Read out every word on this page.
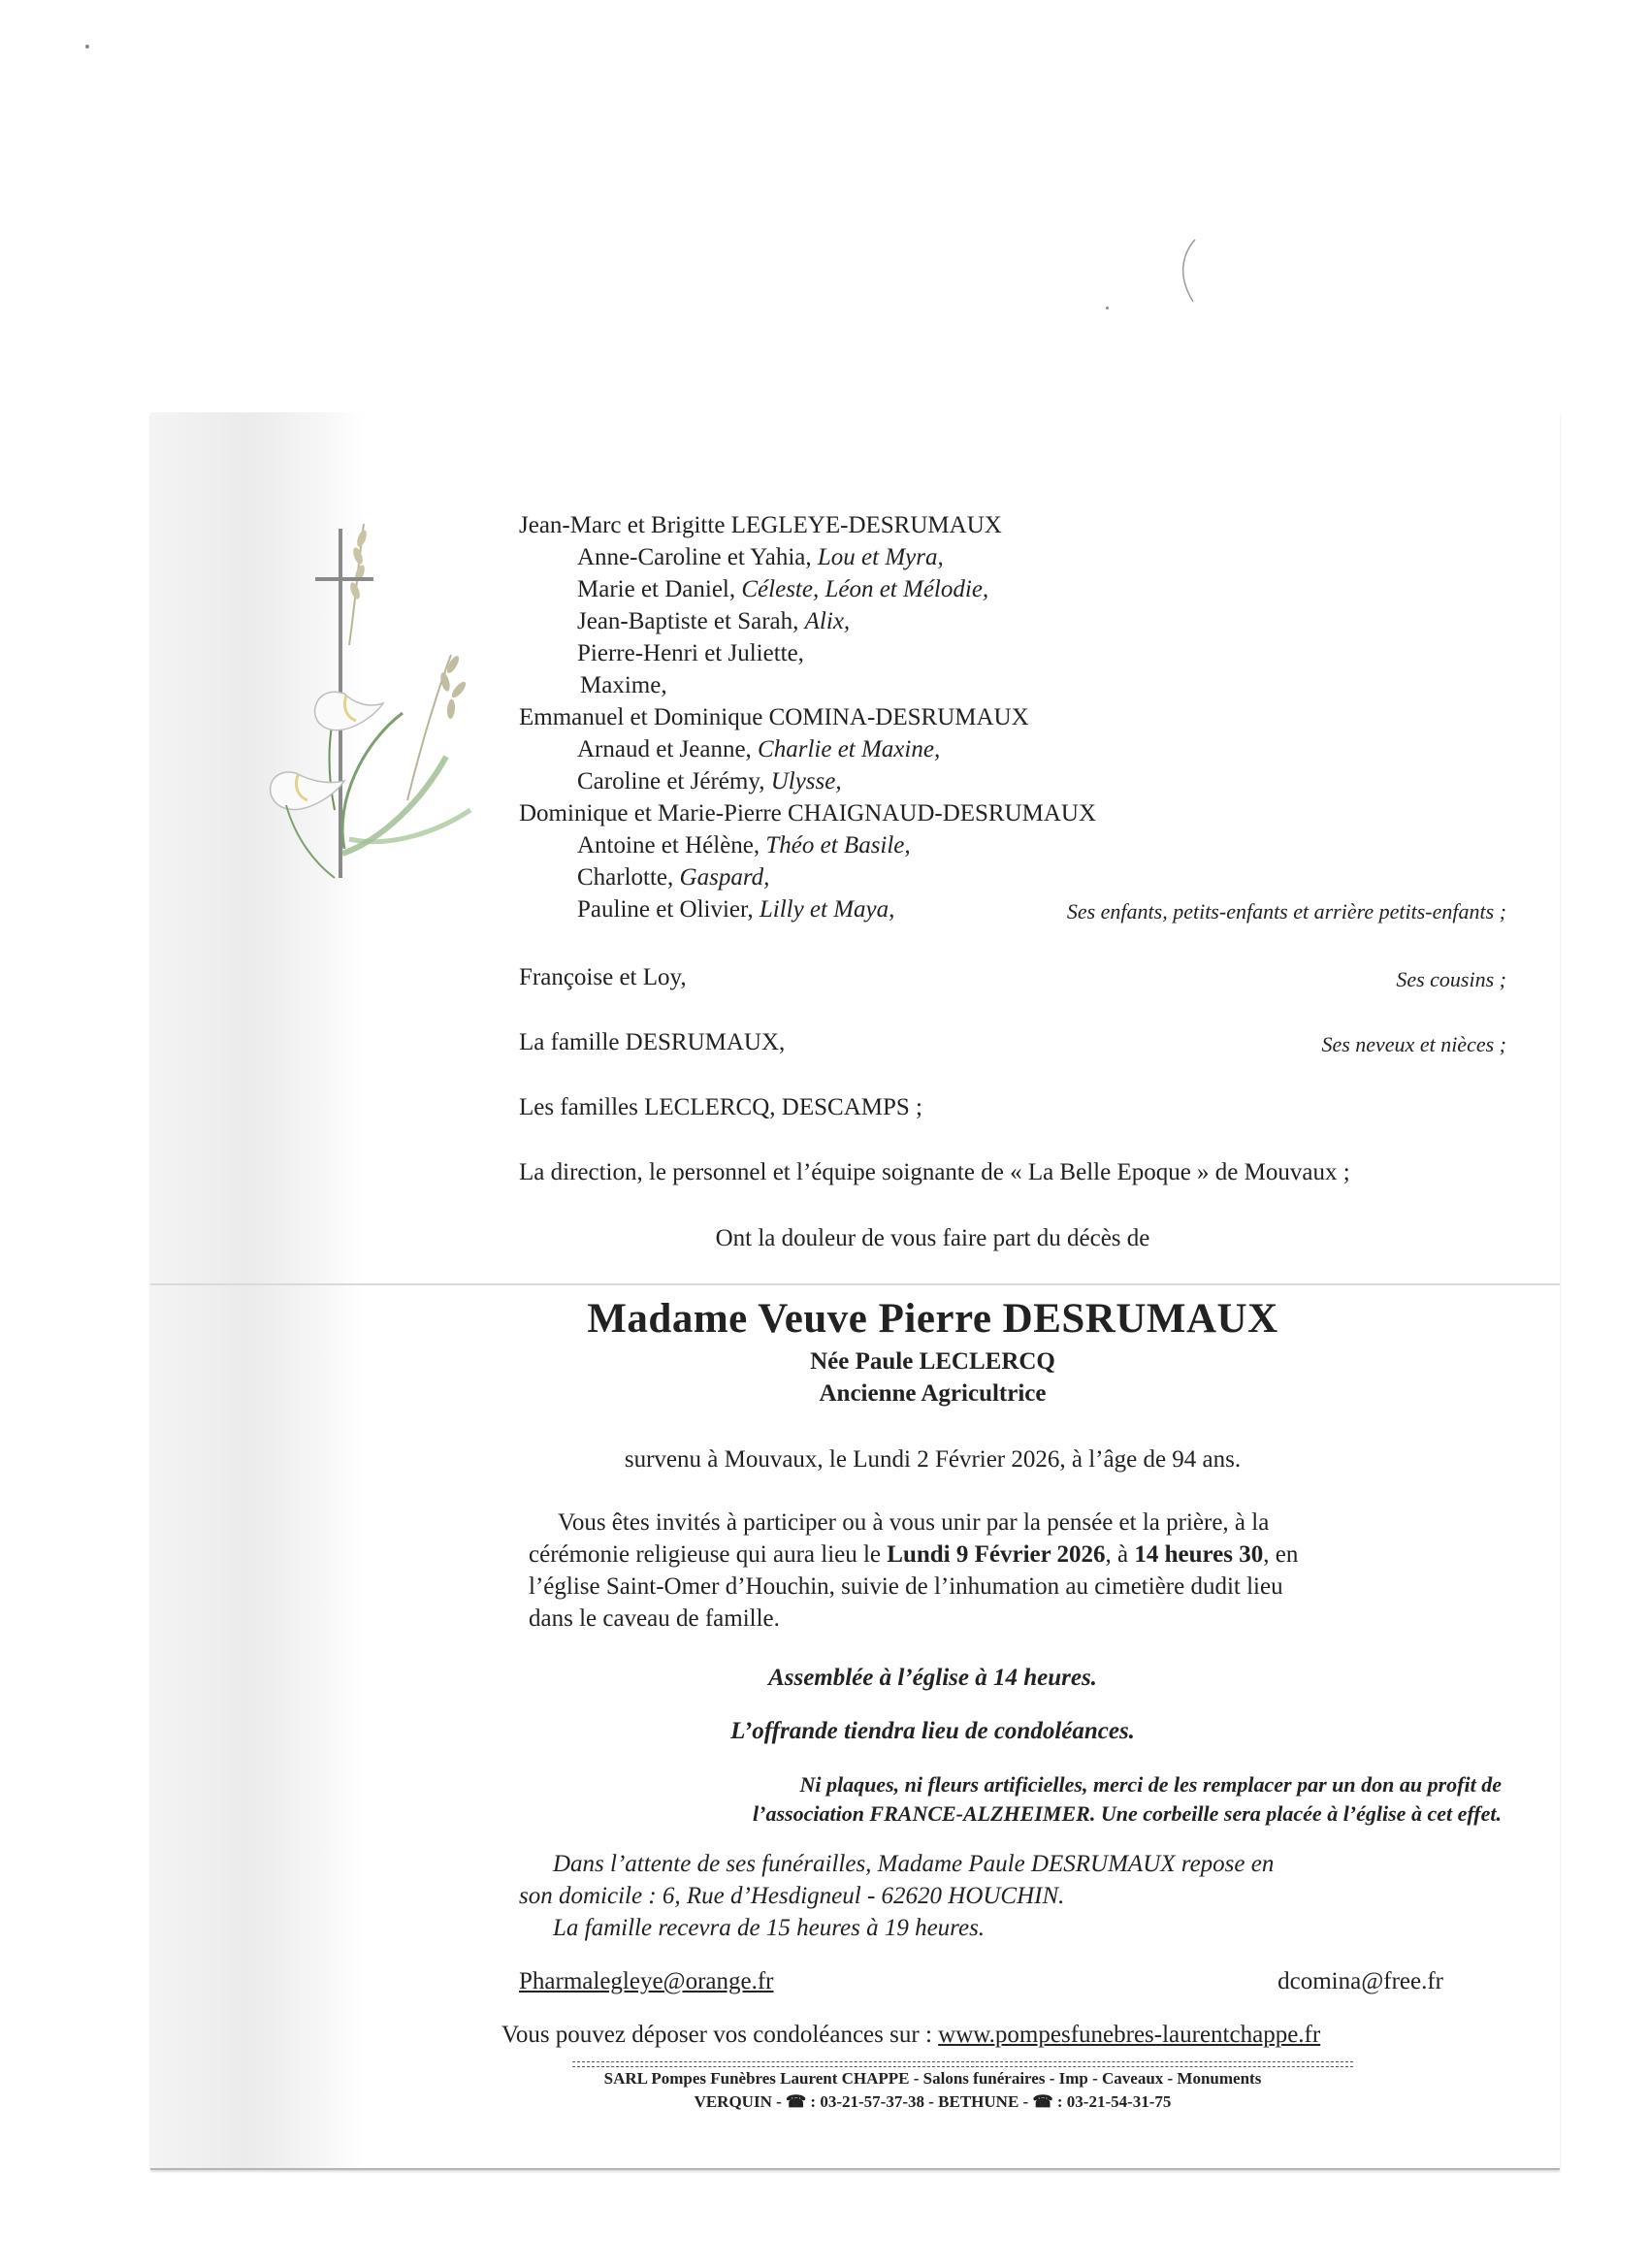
Jean-Marc et Brigitte LEGLEYE-DESRUMAUX
Anne-Caroline et Yahia, Lou et Myra,
Marie et Daniel, Céleste, Léon et Mélodie,
Jean-Baptiste et Sarah, Alix,
Pierre-Henri et Juliette,
Maxime,
Emmanuel et Dominique COMINA-DESRUMAUX
Arnaud et Jeanne, Charlie et Maxine,
Caroline et Jérémy, Ulysse,
Dominique et Marie-Pierre CHAIGNAUD-DESRUMAUX
Antoine et Hélène, Théo et Basile,
Charlotte, Gaspard,
Pauline et Olivier, Lilly et Maya,	Ses enfants, petits-enfants et arrière petits-enfants ;
Françoise et Loy,	Ses cousins ;
La famille DESRUMAUX,	Ses neveux et nièces ;
Les familles LECLERCQ, DESCAMPS ;
La direction, le personnel et l’équipe soignante de « La Belle Epoque » de Mouvaux ;
Ont la douleur de vous faire part du décès de
Madame Veuve Pierre DESRUMAUX
Née Paule LECLERCQ
Ancienne Agricultrice
survenu à Mouvaux, le Lundi 2 Février 2026, à l’âge de 94 ans.
Vous êtes invités à participer ou à vous unir par la pensée et la prière, à la
cérémonie religieuse qui aura lieu le Lundi 9 Février 2026, à 14 heures 30, en
l’église Saint-Omer d’Houchin, suivie de l’inhumation au cimetière dudit lieu
dans le caveau de famille.
Assemblée à l’église à 14 heures.
L’offrande tiendra lieu de condoléances.
Ni plaques, ni fleurs artificielles, merci de les remplacer par un don au profit de
l’association FRANCE-ALZHEIMER. Une corbeille sera placée à l’église à cet effet.
Dans l’attente de ses funérailles, Madame Paule DESRUMAUX repose en
son domicile : 6, Rue d’Hesdigneul - 62620 HOUCHIN.
La famille recevra de 15 heures à 19 heures.
Pharmalegleye@orange.fr	dcomina@free.fr
Vous pouvez déposer vos condoléances sur : www.pompesfunebres-laurentchappe.fr
SARL Pompes Funèbres Laurent CHAPPE - Salons funéraires - Imp - Caveaux - Monuments
VERQUIN - ☎ : 03-21-57-37-38 - BETHUNE - ☎ : 03-21-54-31-75
